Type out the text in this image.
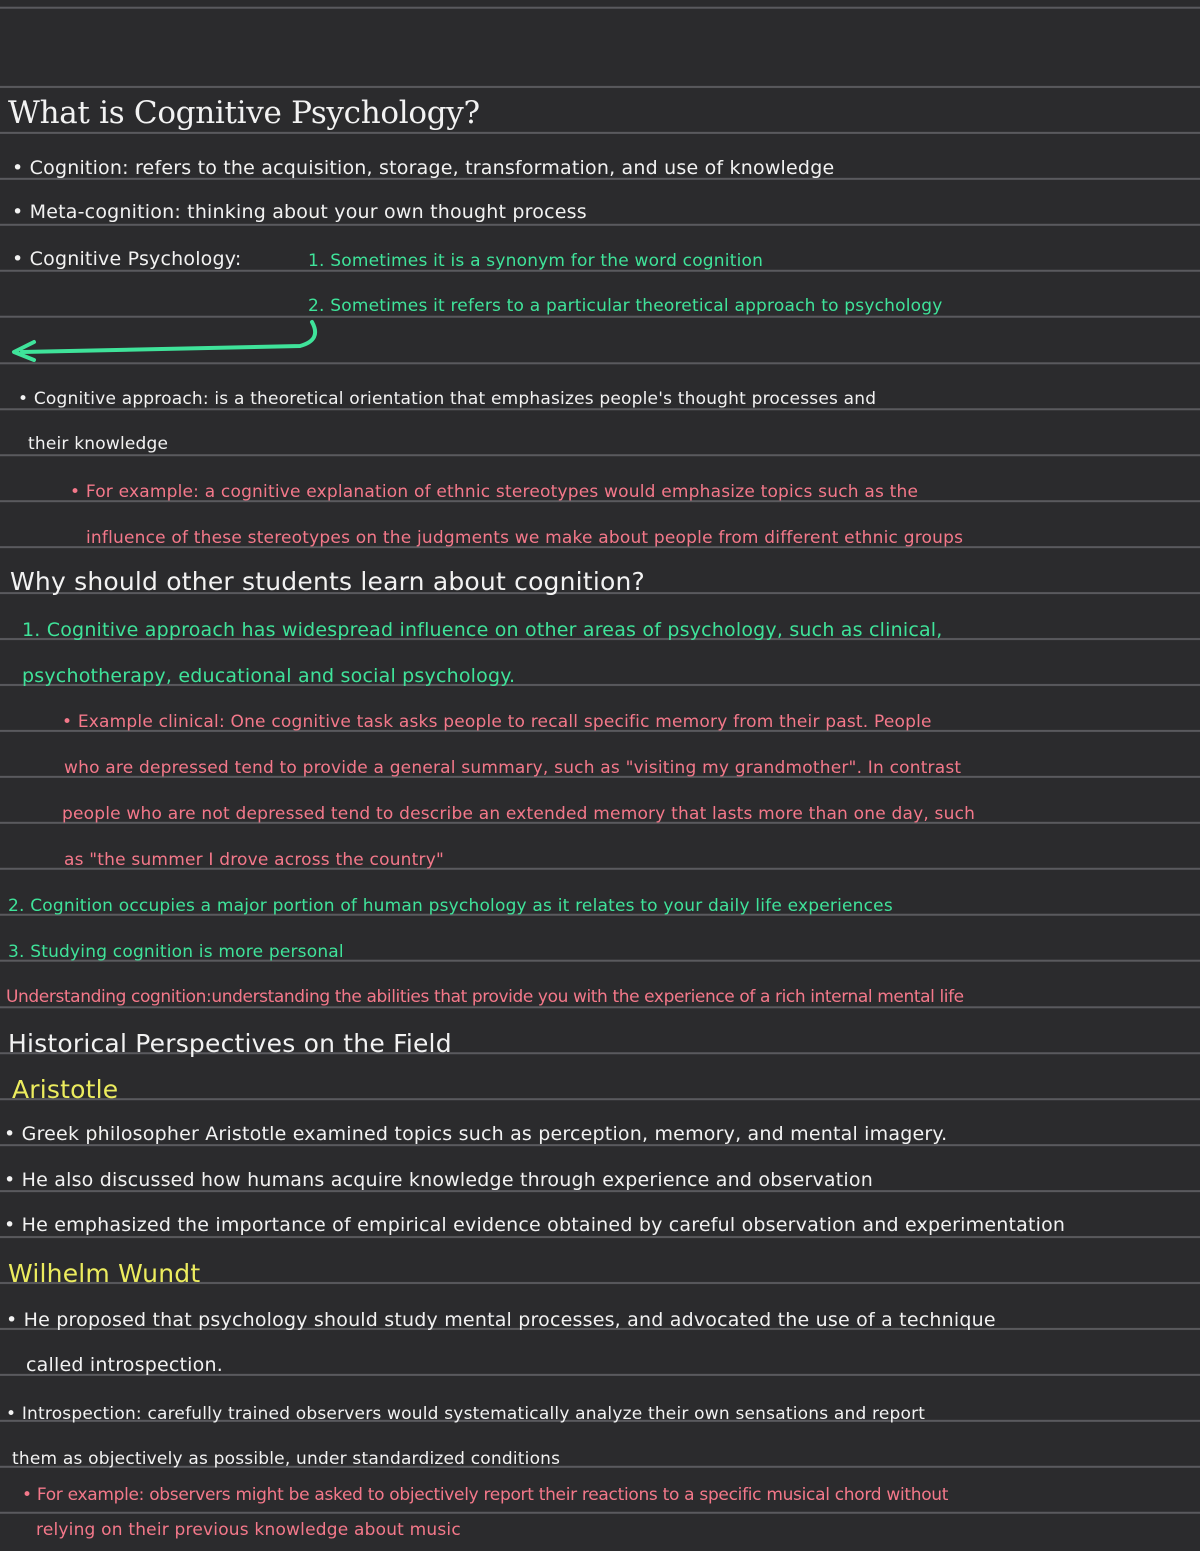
What is Cognitive Psychology?
• Cognition: refers to the acquisition, storage, transformation, and use of knowledge
• Meta-cognition: thinking about your own thought process
• Cognitive Psychology:	1. Sometimes it is a synonym for the word cognition
2. Sometimes it refers to a particular theoretical approach to psychology
• Cognitive approach: is a theoretical orientation that emphasizes people's thought processes and
their knowledge
• For example: a cognitive explanation of ethnic stereotypes would emphasize topics such as the
influence of these stereotypes on the judgments we make about people from different ethnic groups
Why should other students learn about cognition?
1. Cognitive approach has widespread influence on other areas of psychology, such as clinical,
psychotherapy, educational and social psychology.
• Example clinical: One cognitive task asks people to recall specific memory from their past. People
who are depressed tend to provide a general summary, such as "visiting my grandmother". In contrast
people who are not depressed tend to describe an extended memory that lasts more than one day, such
as "the summer I drove across the country"
2. Cognition occupies a major portion of human psychology as it relates to your daily life experiences
3. Studying cognition is more personal
Understanding cognition:understanding the abilities that provide you with the experience of a rich internal mental life
Historical Perspectives on the Field
Aristotle
• Greek philosopher Aristotle examined topics such as perception, memory, and mental imagery.
• He also discussed how humans acquire knowledge through experience and observation
• He emphasized the importance of empirical evidence obtained by careful observation and experimentation
Wilhelm Wundt
• He proposed that psychology should study mental processes, and advocated the use of a technique
called introspection.
• Introspection: carefully trained observers would systematically analyze their own sensations and report
them as objectively as possible, under standardized conditions
• For example: observers might be asked to objectively report their reactions to a specific musical chord without
relying on their previous knowledge about music
